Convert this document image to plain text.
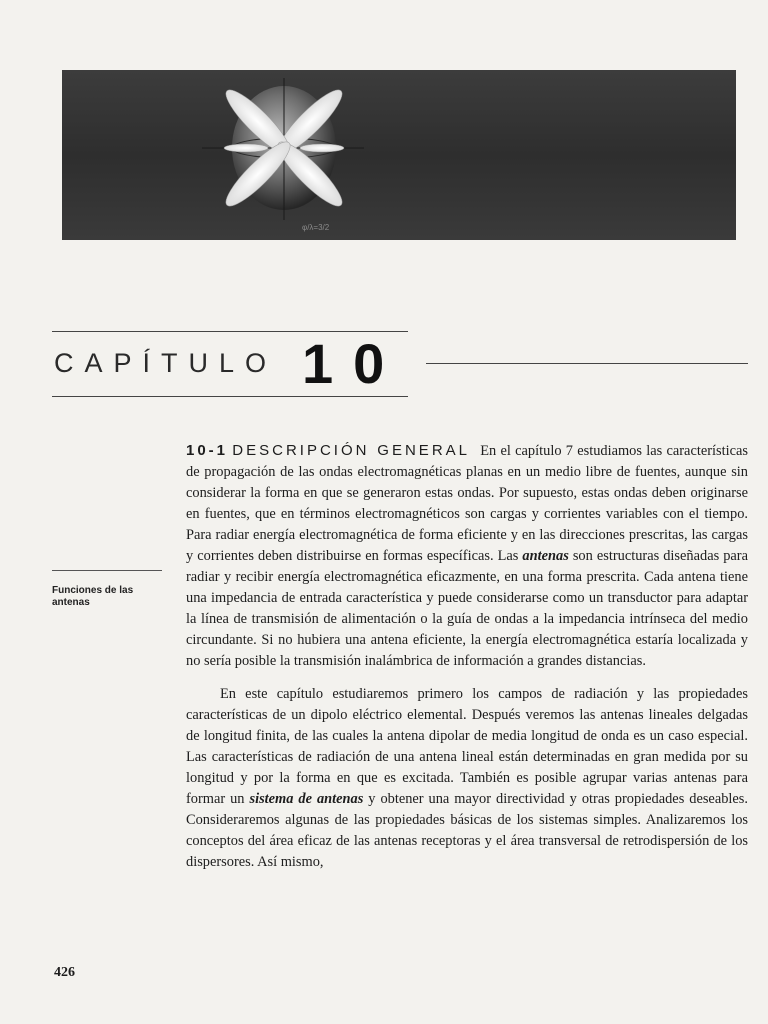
φ/λ=3/2
CAPÍTULO 10
Funciones de las antenas

10-1 DESCRIPCIÓN GENERAL En el capítulo 7 estudiamos las características de propagación de las ondas electromagnéticas planas en un medio libre de fuentes, aunque sin considerar la forma en que se generaron estas ondas. Por supuesto, estas ondas deben originarse en fuentes, que en términos electromagnéticos son cargas y corrientes variables con el tiempo. Para radiar energía electromagnética de forma eficiente y en las direcciones prescritas, las cargas y corrientes deben distribuirse en formas específicas. Las antenas son estructuras diseñadas para radiar y recibir energía electromagnética eficazmente, en una forma prescrita. Cada antena tiene una impedancia de entrada característica y puede considerarse como un transductor para adaptar la línea de transmisión de alimentación o la guía de ondas a la impedancia intrínseca del medio circundante. Si no hubiera una antena eficiente, la energía electromagnética estaría localizada y no sería posible la transmisión inalámbrica de información a grandes distancias.

En este capítulo estudiaremos primero los campos de radiación y las propiedades características de un dipolo eléctrico elemental. Después veremos las antenas lineales delgadas de longitud finita, de las cuales la antena dipolar de media longitud de onda es un caso especial. Las características de radiación de una antena lineal están determinadas en gran medida por su longitud y por la forma en que es excitada. También es posible agrupar varias antenas para formar un sistema de antenas y obtener una mayor directividad y otras propiedades deseables. Consideraremos algunas de las propiedades básicas de los sistemas simples. Analizaremos los conceptos del área eficaz de las antenas receptoras y el área transversal de retrodispersión de los dispersores. Así mismo,

426
